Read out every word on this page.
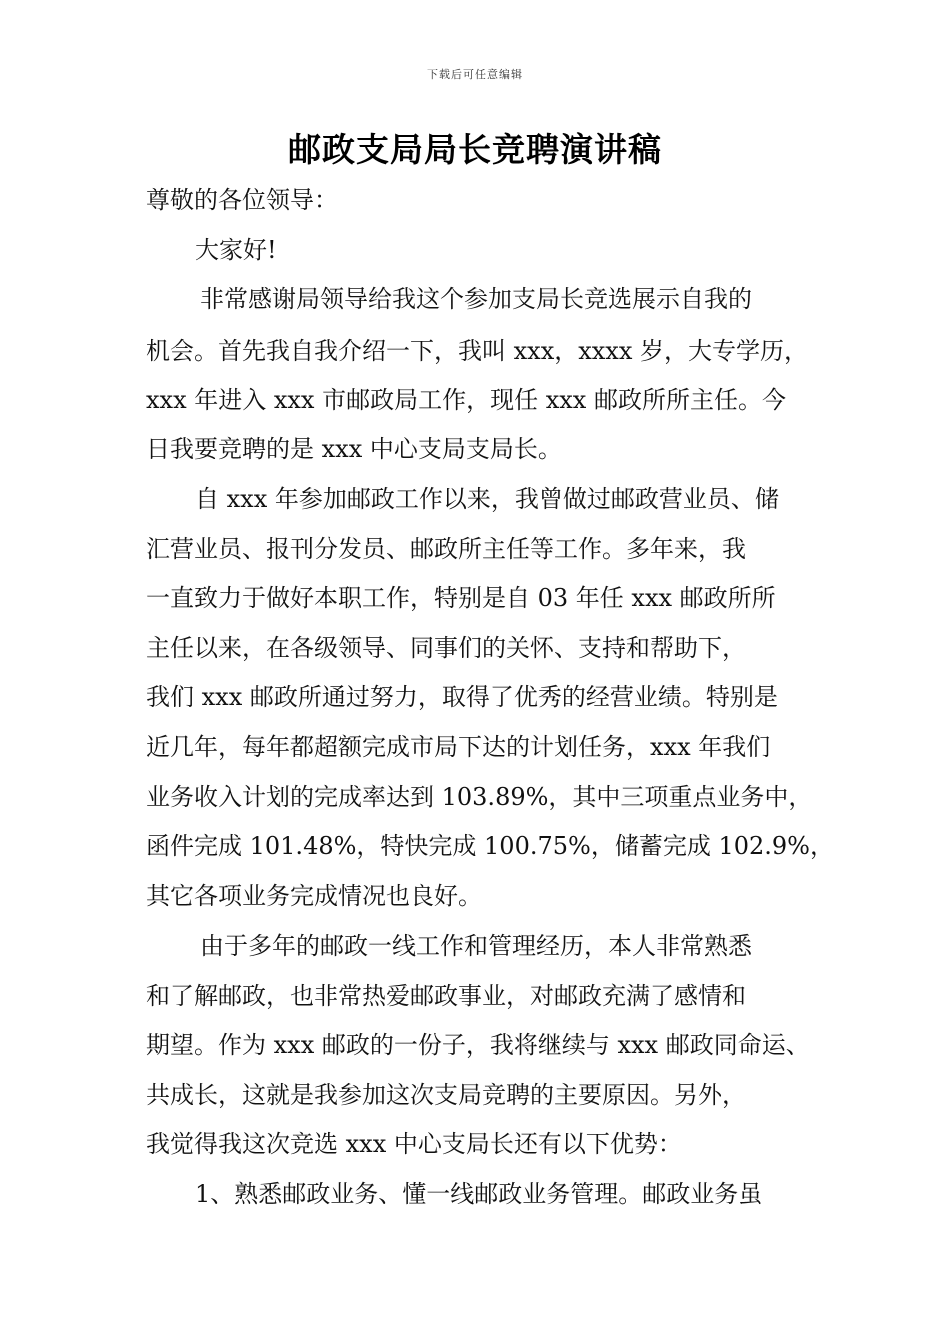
下载后可任意编辑
邮政支局局长竞聘演讲稿
尊敬的各位领导：
大家好!
非常感谢局领导给我这个参加支局长竞选展示自我的
机会。首先我自我介绍一下，我叫 xxx，xxxx 岁，大专学历，
xxx 年进入 xxx 市邮政局工作，现任 xxx 邮政所所主任。今
日我要竞聘的是 xxx 中心支局支局长。
自 xxx 年参加邮政工作以来，我曾做过邮政营业员、储
汇营业员、报刊分发员、邮政所主任等工作。多年来，我
一直致力于做好本职工作，特别是自 03 年任 xxx 邮政所所
主任以来，在各级领导、同事们的关怀、支持和帮助下，
我们 xxx 邮政所通过努力，取得了优秀的经营业绩。特别是
近几年，每年都超额完成市局下达的计划任务，xxx 年我们
业务收入计划的完成率达到 103.89%，其中三项重点业务中，
函件完成 101.48%，特快完成 100.75%，储蓄完成 102.9%，
其它各项业务完成情况也良好。
由于多年的邮政一线工作和管理经历，本人非常熟悉
和了解邮政，也非常热爱邮政事业，对邮政充满了感情和
期望。作为 xxx 邮政的一份子，我将继续与 xxx 邮政同命运、
共成长，这就是我参加这次支局竞聘的主要原因。另外，
我觉得我这次竞选 xxx 中心支局长还有以下优势：
1、熟悉邮政业务、懂一线邮政业务管理。邮政业务虽
